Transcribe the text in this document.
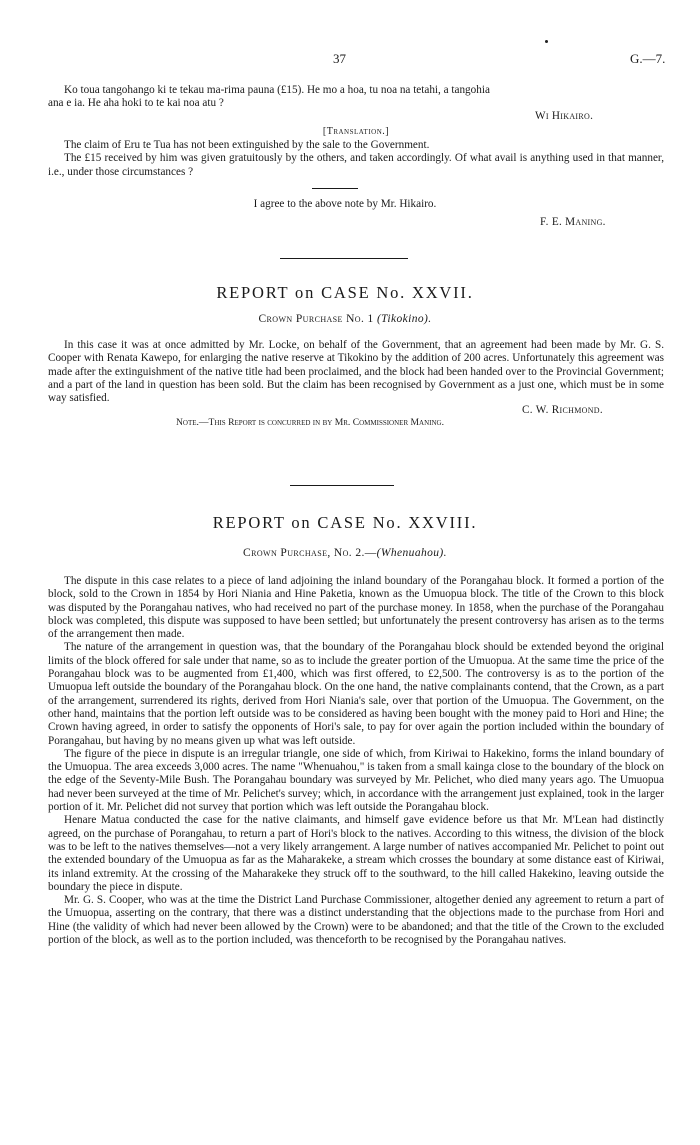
37	G.—7.

Ko toua tangohango ki te tekau ma-rima pauna (£15). He mo a hoa, tu noa na tetahi, a tangohia

ana e ia. He aha hoki to te kai noa atu ?

Wi Hikairo.
[Translation.]

The claim of Eru te Tua has not been extinguished by the sale to the Government.

The £15 received by him was given gratuitously by the others, and taken accordingly. Of what avail is anything used in that manner, i.e., under those circumstances ?

I agree to the above note by Mr. Hikairo.
F. E. Maning.
REPORT on CASE No. XXVII.
Crown Purchase No. 1 (Tikokino).

In this case it was at once admitted by Mr. Locke, on behalf of the Government, that an agreement had been made by Mr. G. S. Cooper with Renata Kawepo, for enlarging the native reserve at Tikokino by the addition of 200 acres. Unfortunately this agreement was made after the extinguishment of the native title had been proclaimed, and the block had been handed over to the Provincial Government; and a part of the land in question has been sold. But the claim has been recognised by Government as a just one, which must be in some way satisfied.

C. W. Richmond.
Note.—This Report is concurred in by Mr. Commissioner Maning.
REPORT on CASE No. XXVIII.
Crown Purchase, No. 2.—(Whenuahou).

The dispute in this case relates to a piece of land adjoining the inland boundary of the Porangahau block. It formed a portion of the block, sold to the Crown in 1854 by Hori Niania and Hine Paketia, known as the Umuopua block. The title of the Crown to this block was disputed by the Porangahau natives, who had received no part of the purchase money. In 1858, when the purchase of the Porangahau block was completed, this dispute was supposed to have been settled; but unfortunately the present controversy has arisen as to the terms of the arrangement then made.

The nature of the arrangement in question was, that the boundary of the Porangahau block should be extended beyond the original limits of the block offered for sale under that name, so as to include the greater portion of the Umuopua. At the same time the price of the Porangahau block was to be augmented from £1,400, which was first offered, to £2,500. The controversy is as to the portion of the Umuopua left outside the boundary of the Porangahau block. On the one hand, the native complainants contend, that the Crown, as a part of the arrangement, surrendered its rights, derived from Hori Niania's sale, over that portion of the Umuopua. The Government, on the other hand, maintains that the portion left outside was to be considered as having been bought with the money paid to Hori and Hine; the Crown having agreed, in order to satisfy the opponents of Hori's sale, to pay for over again the portion included within the boundary of Porangahau, but having by no means given up what was left outside.

The figure of the piece in dispute is an irregular triangle, one side of which, from Kiriwai to Hakekino, forms the inland boundary of the Umuopua. The area exceeds 3,000 acres. The name "Whenuahou," is taken from a small kainga close to the boundary of the block on the edge of the Seventy-Mile Bush. The Porangahau boundary was surveyed by Mr. Pelichet, who died many years ago. The Umuopua had never been surveyed at the time of Mr. Pelichet's survey; which, in accordance with the arrangement just explained, took in the larger portion of it. Mr. Pelichet did not survey that portion which was left outside the Porangahau block.

Henare Matua conducted the case for the native claimants, and himself gave evidence before us that Mr. M'Lean had distinctly agreed, on the purchase of Porangahau, to return a part of Hori's block to the natives. According to this witness, the division of the block was to be left to the natives themselves—not a very likely arrangement. A large number of natives accompanied Mr. Pelichet to point out the extended boundary of the Umuopua as far as the Maharakeke, a stream which crosses the boundary at some distance east of Kiriwai, its inland extremity. At the crossing of the Maharakeke they struck off to the southward, to the hill called Hakekino, leaving outside the boundary the piece in dispute.

Mr. G. S. Cooper, who was at the time the District Land Purchase Commissioner, altogether denied any agreement to return a part of the Umuopua, asserting on the contrary, that there was a distinct understanding that the objections made to the purchase from Hori and Hine (the validity of which had never been allowed by the Crown) were to be abandoned; and that the title of the Crown to the excluded portion of the block, as well as to the portion included, was thenceforth to be recognised by the Porangahau natives.
